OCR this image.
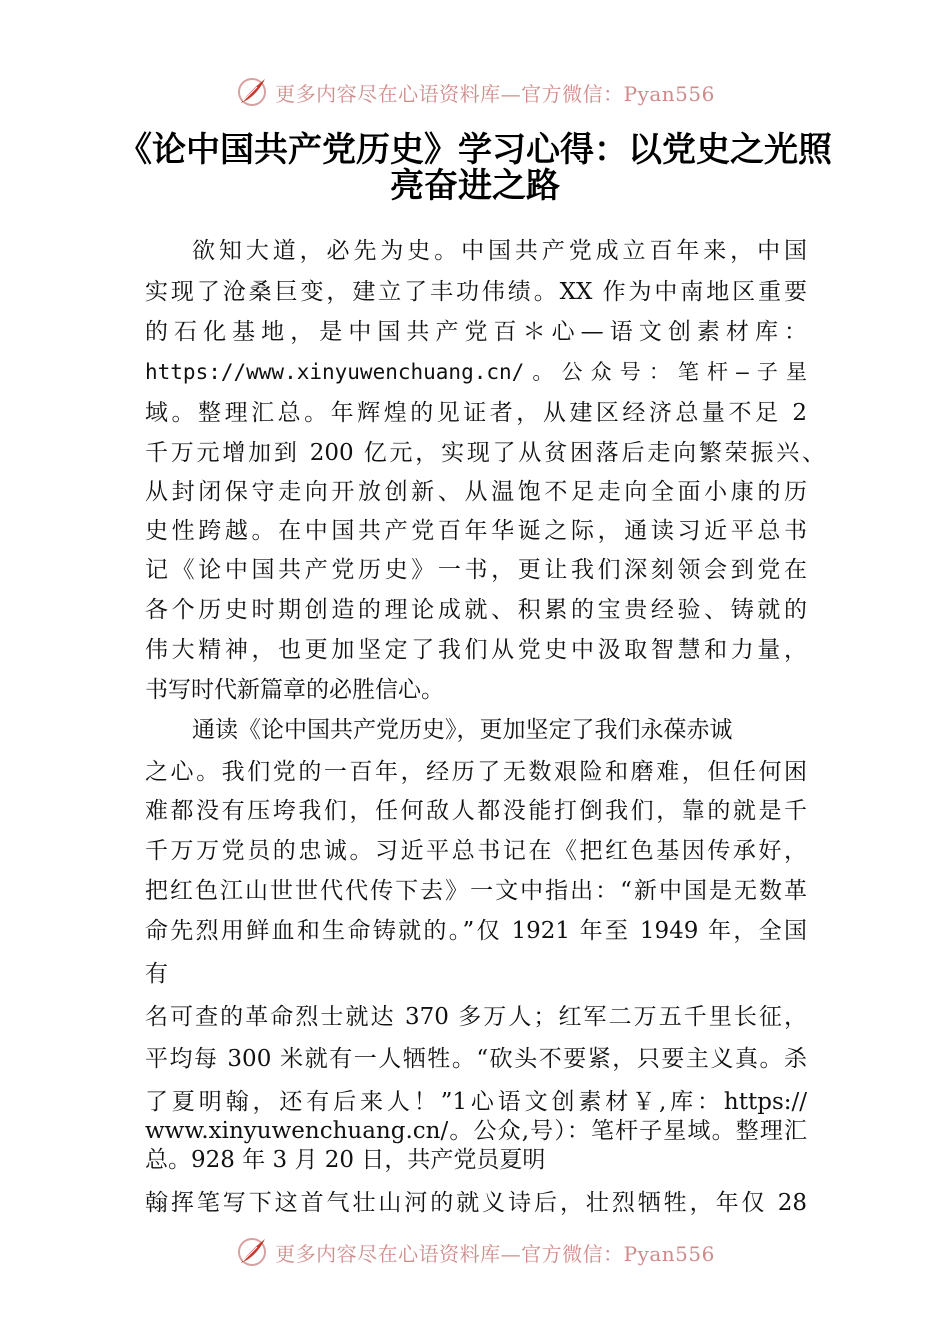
更多内容尽在心语资料库—官方微信：Pyan556
《论中国共产党历史》学习心得：以党史之光照亮奋进之路

欲知大道，必先为史。中国共产党成立百年来，中国

实现了沧桑巨变，建立了丰功伟绩。XX 作为中南地区重要

的石化基地，是中国共产党百＊心—语文创素材库：

https://www.xinyuwenchuang.cn/。公众号：笔杆—子星

域。整理汇总。年辉煌的见证者，从建区经济总量不足 2

千万元增加到 200 亿元，实现了从贫困落后走向繁荣振兴、

从封闭保守走向开放创新、从温饱不足走向全面小康的历

史性跨越。在中国共产党百年华诞之际，通读习近平总书

记《论中国共产党历史》一书，更让我们深刻领会到党在

各个历史时期创造的理论成就、积累的宝贵经验、铸就的

伟大精神，也更加坚定了我们从党史中汲取智慧和力量，

书写时代新篇章的必胜信心。

通读《论中国共产党历史》，更加坚定了我们永葆赤诚

之心。我们党的一百年，经历了无数艰险和磨难，但任何困

难都没有压垮我们，任何敌人都没能打倒我们，靠的就是千

千万万党员的忠诚。习近平总书记在《把红色基因传承好，

把红色江山世世代代传下去》一文中指出：“新中国是无数革

命先烈用鲜血和生命铸就的。”仅 1921 年至 1949 年，全国

有

名可查的革命烈士就达 370 多万人；红军二万五千里长征，

平均每 300 米就有一人牺牲。“砍头不要紧，只要主义真。杀

了夏明翰，还有后来人！”1心语文创素材￥,库：https://

www.xinyuwenchuang.cn/。公众,号）：笔杆子星域。整理汇

总。928 年 3 月 20 日，共产党员夏明

翰挥笔写下这首气壮山河的就义诗后，壮烈牺牲，年仅 28

更多内容尽在心语资料库—官方微信：Pyan556
